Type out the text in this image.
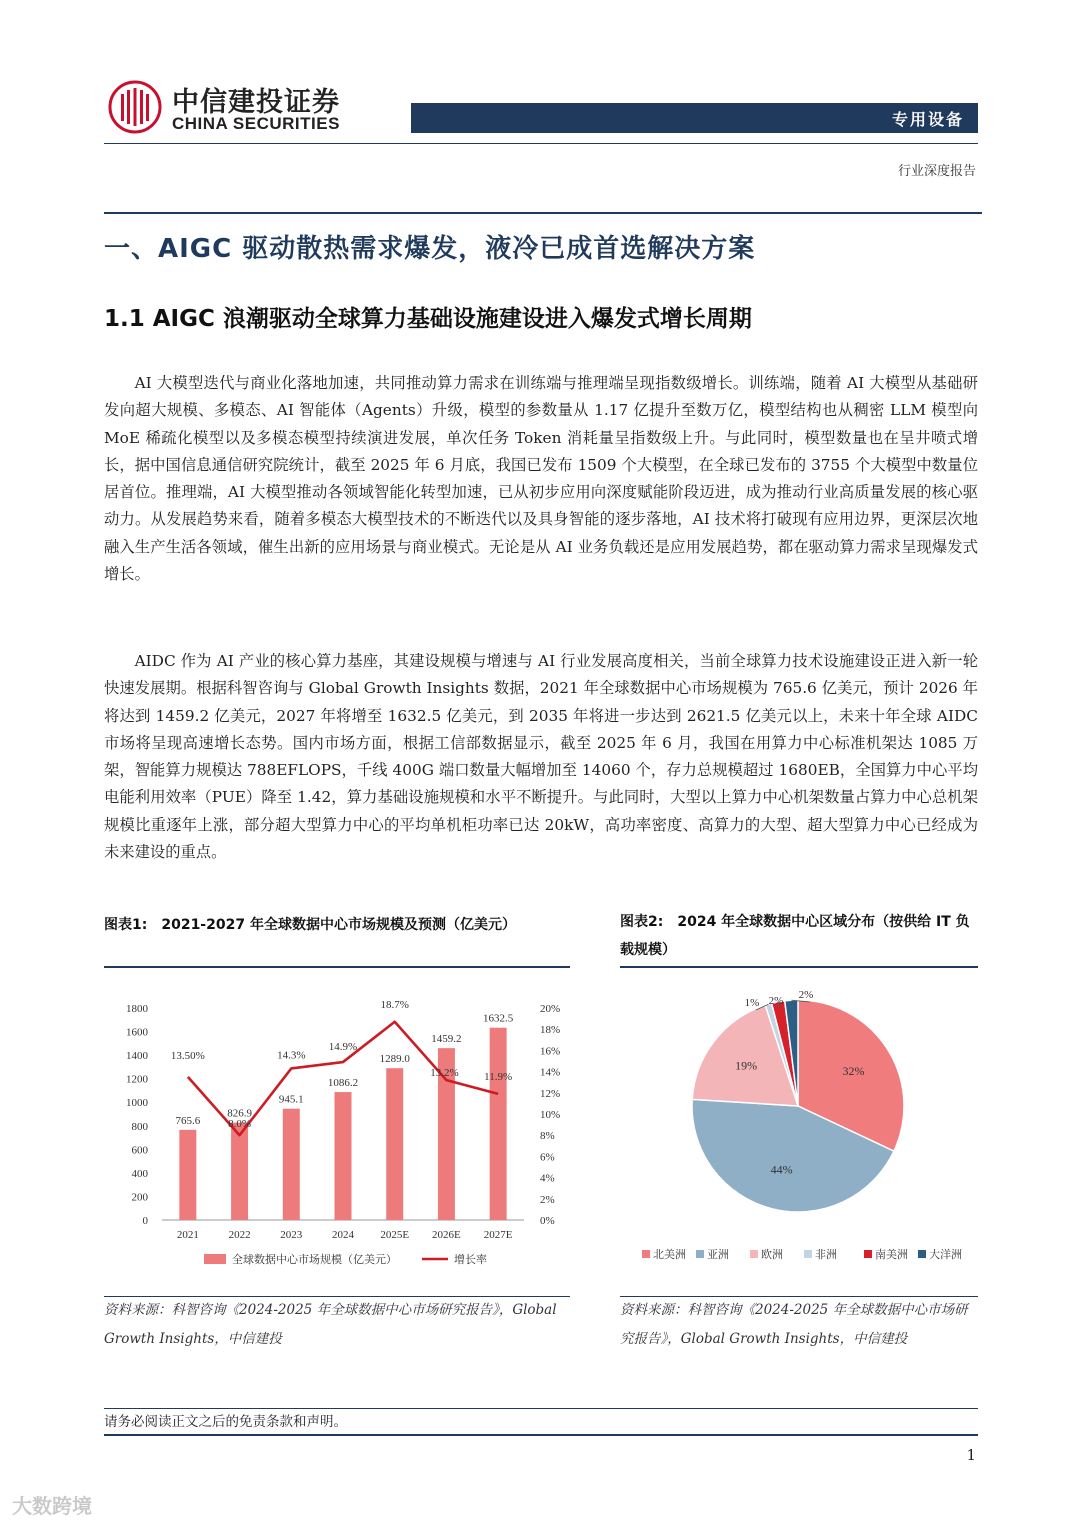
中信建投证券
CHINA SECURITIES	专用设备
行业深度报告
一、AIGC 驱动散热需求爆发，液冷已成首选解决方案
1.1 AIGC 浪潮驱动全球算力基础设施建设进入爆发式增长周期
AI 大模型迭代与商业化落地加速，共同推动算力需求在训练端与推理端呈现指数级增长。训练端，随着 AI 大模型从基础研发向超大规模、多模态、AI 智能体（Agents）升级，模型的参数量从 1.17 亿提升至数万亿，模型结构也从稠密 LLM 模型向 MoE 稀疏化模型以及多模态模型持续演进发展，单次任务 Token 消耗量呈指数级上升。与此同时，模型数量也在呈井喷式增长，据中国信息通信研究院统计，截至 2025 年 6 月底，我国已发布 1509 个大模型，在全球已发布的 3755 个大模型中数量位居首位。推理端，AI 大模型推动各领域智能化转型加速，已从初步应用向深度赋能阶段迈进，成为推动行业高质量发展的核心驱动力。从发展趋势来看，随着多模态大模型技术的不断迭代以及具身智能的逐步落地，AI 技术将打破现有应用边界，更深层次地融入生产生活各领域，催生出新的应用场景与商业模式。无论是从 AI 业务负载还是应用发展趋势，都在驱动算力需求呈现爆发式增长。
AIDC 作为 AI 产业的核心算力基座，其建设规模与增速与 AI 行业发展高度相关，当前全球算力技术设施建设正进入新一轮快速发展期。根据科智咨询与 Global Growth Insights 数据，2021 年全球数据中心市场规模为 765.6 亿美元，预计 2026 年将达到 1459.2 亿美元，2027 年将增至 1632.5 亿美元，到 2035 年将进一步达到 2621.5 亿美元以上，未来十年全球 AIDC 市场将呈现高速增长态势。国内市场方面，根据工信部数据显示，截至 2025 年 6 月，我国在用算力中心标准机架达 1085 万架，智能算力规模达 788EFLOPS，千线 400G 端口数量大幅增加至 14060 个，存力总规模超过 1680EB，全国算力中心平均电能利用效率（PUE）降至 1.42，算力基础设施规模和水平不断提升。与此同时，大型以上算力中心机架数量占算力中心总机架规模比重逐年上涨，部分超大型算力中心的平均单机柜功率已达 20kW，高功率密度、高算力的大型、超大型算力中心已经成为未来建设的重点。
图表1:　2021-2027 年全球数据中心市场规模及预测（亿美元）	图表2:　2024 年全球数据中心区域分布（按供给 IT 负载规模）
0
200
400
600
800
1000
1200
1400
1600
1800
0%
2%
4%
6%
8%
10%
12%
14%
16%
18%
20%
2021	2022	2023	2024 2025E 2026E 2027E
765.6
826.9
945.1
1086.2
1289.0
1459.2
1632.5
13.50%
8.0%
14.3%
14.9%
18.7%
13.2% 11.9%
全球数据中心市场规模（亿美元）	增长率
32%
44%
19%
1% 2% 2%
北美洲 亚洲	欧洲	非洲	南美洲 大洋洲
资料来源：科智咨询《2024-2025 年全球数据中心市场研究报告》，Global Growth Insights，中信建投
资料来源：科智咨询《2024-2025 年全球数据中心市场研究报告》，Global Growth Insights，中信建投
请务必阅读正文之后的免责条款和声明。
1
大数跨境
